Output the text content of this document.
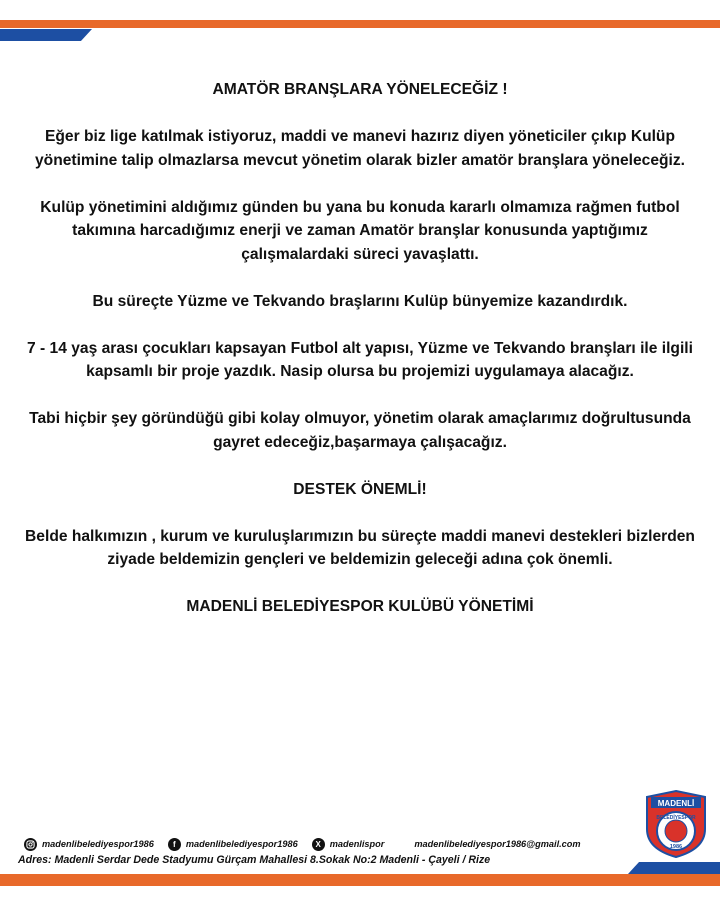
AMATÖR BRANŞLARA YÖNELECEĞİZ !

Eğer biz lige katılmak istiyoruz, maddi ve manevi hazırız diyen yöneticiler çıkıp Kulüp yönetimine talip olmazlarsa mevcut yönetim olarak bizler amatör branşlara yöneleceğiz.

Kulüp yönetimini aldığımız günden bu yana bu konuda kararlı olmamıza rağmen futbol takımına harcadığımız enerji ve zaman Amatör branşlar konusunda yaptığımız çalışmalardaki süreci yavaşlattı.

Bu süreçte Yüzme ve Tekvando braşlarını Kulüp bünyemize kazandırdık.

7 - 14 yaş arası çocukları kapsayan Futbol alt yapısı, Yüzme ve Tekvando branşları ile ilgili kapsamlı bir proje yazdık. Nasip olursa bu projemizi uygulamaya alacağız.

Tabi hiçbir şey göründüğü gibi kolay olmuyor, yönetim olarak amaçlarımız doğrultusunda gayret edeceğiz,başarmaya çalışacağız.

DESTEK ÖNEMLİ!

Belde halkımızın , kurum ve kuruluşlarımızın bu süreçte maddi manevi destekleri bizlerden ziyade beldemizin gençleri ve beldemizin geleceği adına çok önemli.

MADENLİ BELEDİYESPOR KULÜBÜ YÖNETİMİ

madenlibelediyespor1986	f	madenlibelediyespor1986	X madenlispor	madenlibelediyespor1986@gmail.com
Adres: Madenli Serdar Dede Stadyumu Gürçam Mahallesi 8.Sokak No:2 Madenli - Çayeli / Rize
MADENLİ
BELEDİYESPOR
1986
